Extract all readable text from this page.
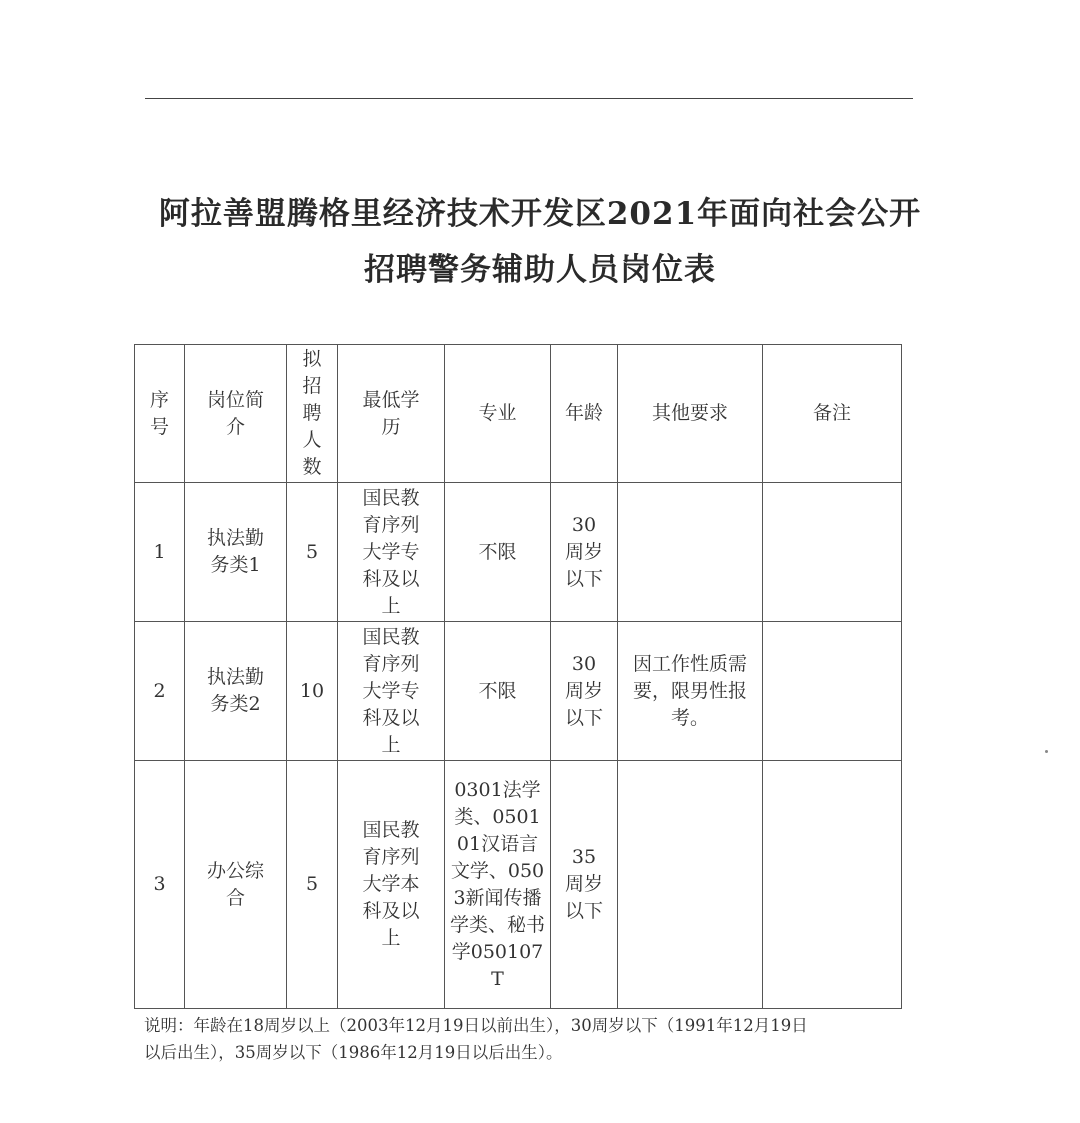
阿拉善盟腾格里经济技术开发区2021年面向社会公开
招聘警务辅助人员岗位表
序号	岗位简介	拟招聘人数	最低学历	专业	年龄	其他要求	备注
1	执法勤务类1	5	国民教育序列大学专科及以上	不限	30周岁以下		

2	执法勤务类2	10	国民教育序列大学专科及以上	不限	30周岁以下	因工作性质需要，限男性报考。	

3	办公综合	5	国民教育序列大学本科及以上	0301法学类、050101汉语言文学、0503新闻传播学类、秘书学050107T	35周岁以下		

说明：年龄在18周岁以上（2003年12月19日以前出生），30周岁以下（1991年12月19日
以后出生），35周岁以下（1986年12月19日以后出生）。
